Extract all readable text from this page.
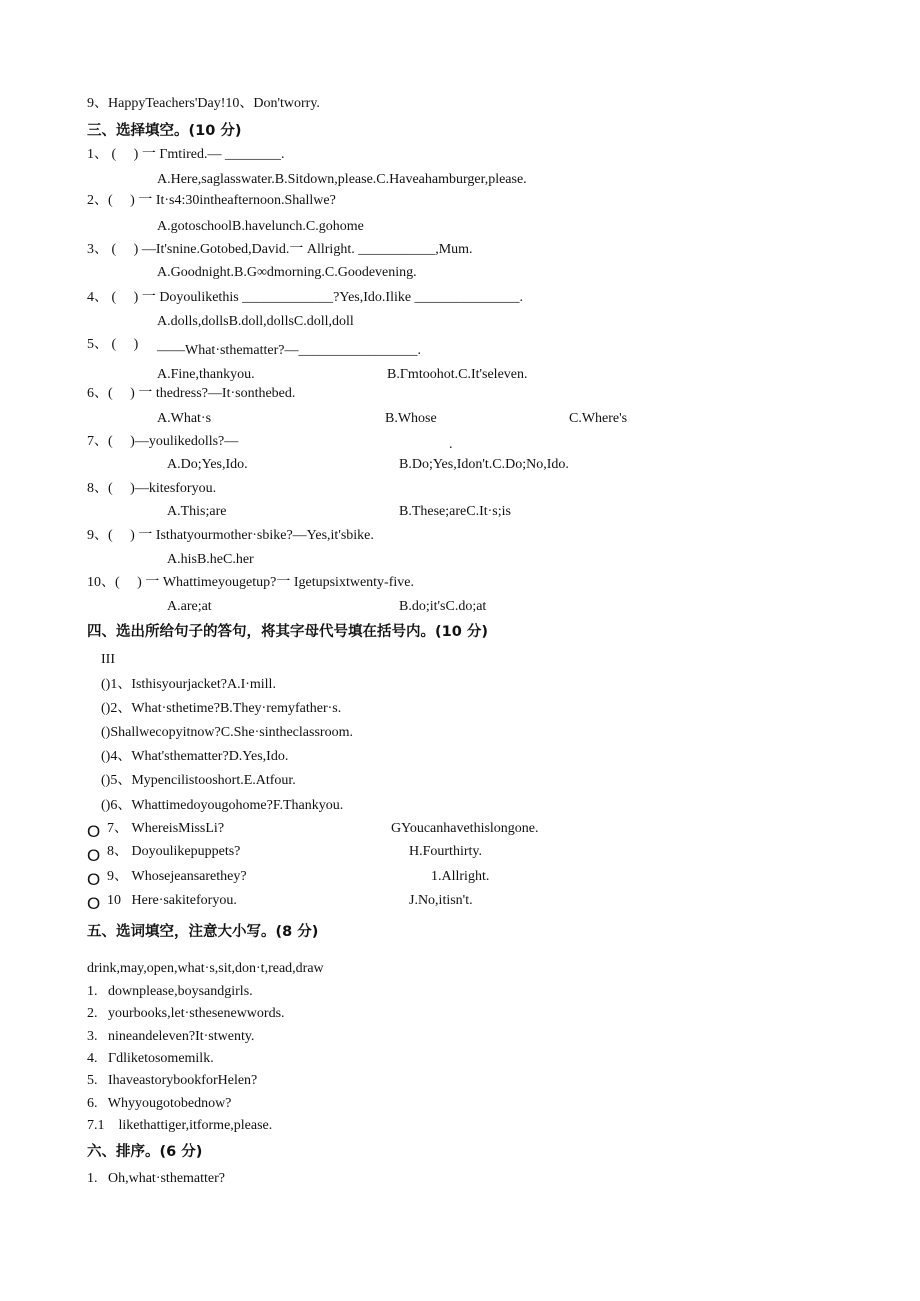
9、HappyTeachers'Day!10、Don'tworry.
三、选择填空。(10 分)
1、 (     ) 一 Γmtired.— ________.
A.Here,saglasswater.B.Sitdown,please.C.Haveahamburger,please.
2、(     ) 一 It·s4:30intheafternoon.Shallwe?
A.gotoschoolB.havelunch.C.gohome
3、 (     ) —It'snine.Gotobed,David.一 Allright. ___________,Mum.
A.Goodnight.B.G∞dmorning.C.Goodevening.
4、 (     ) 一 Doyoulikethis _____________?Yes,Ido.Ilike _______________.
A.dolls,dollsB.doll,dollsC.doll,doll
5、 (     ) ——What·sthematter?—_________________.
A.Fine,thankyou.	B.Γmtoohot.C.It'seleven.
6、(     ) 一 thedress?—It·sonthebed.
A.What·s	B.Whose	C.Where's
7、(     )—youlikedolls?—	.
A.Do;Yes,Ido.	B.Do;Yes,Idon't.C.Do;No,Ido.
8、(     )—kitesforyou.
A.This;are	B.These;areC.It·s;is
9、(     ) 一 Isthatyourmother·sbike?—Yes,it'sbike.
A.hisB.heC.her
10、(     ) 一 Whattimeyougetup?一 Igetupsixtwenty-five.
A.are;at	B.do;it'sC.do;at
四、选出所给句子的答句，将其字母代号填在括号内。(10 分)
III
()1、Isthisyourjacket?A.I·mill.
()2、What·sthetime?B.They·remyfather·s.
()Shallwecopyitnow?C.She·sintheclassroom.
()4、What'sthematter?D.Yes,Ido.
()5、Mypencilistooshort.E.Atfour.
()6、Whattimedoyougohome?F.Thankyou.
O 7、 WhereisMissLi?	GYoucanhavethislongone.
O 8、 Doyoulikepuppets?	H.Fourthirty.
O 9、 Whosejeansarethey?	1.Allright.
O 10   Here·sakiteforyou.	J.No,itisn't.
五、选词填空，注意大小写。(8 分)
drink,may,open,what·s,sit,don·t,read,draw
1.   downplease,boysandgirls.
2.   yourbooks,let·sthesenewwords.
3.   nineandeleven?It·stwenty.
4.   Γdliketosomemilk.
5.   Ihaveastorybookfor​Helen?
6.   Whyyougotobednow?
7.1    likethattiger,itforme,please.
六、排序。(6 分)
1.   Oh,what·sthematter?
